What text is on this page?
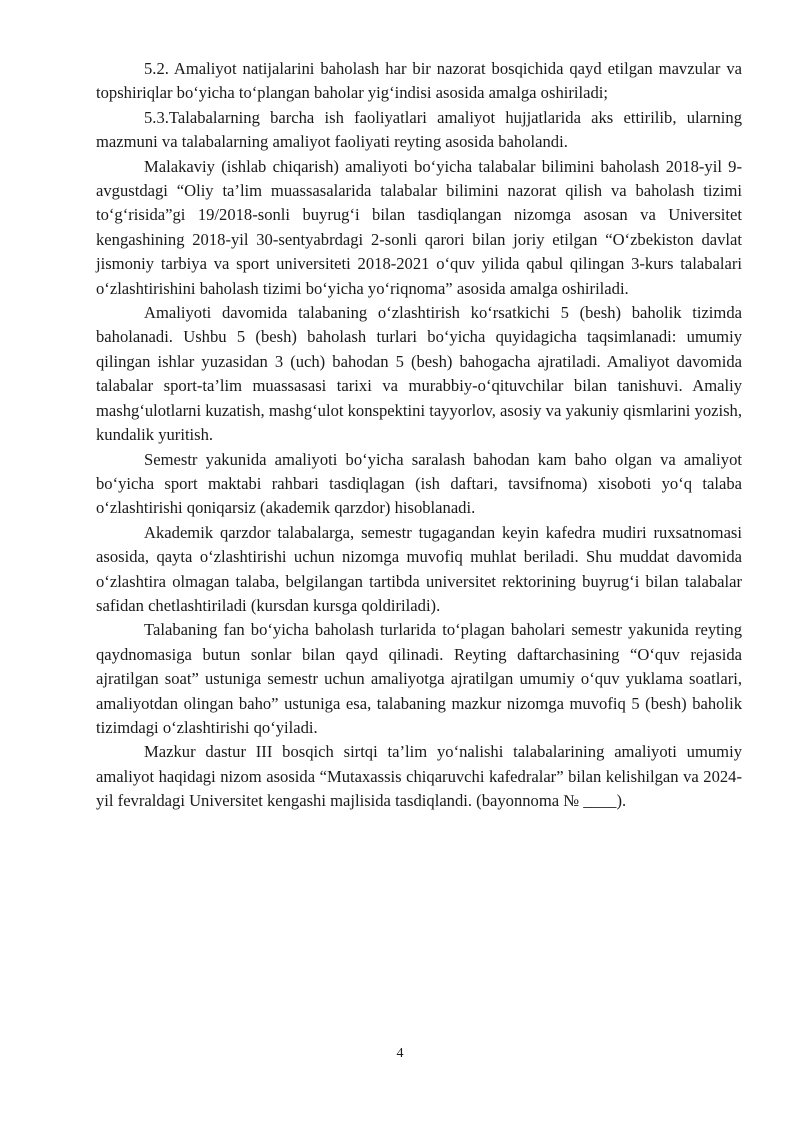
5.2. Amaliyot natijalarini baholash har bir nazorat bosqichida qayd etilgan mavzular va topshiriqlar bo‘yicha to‘plangan baholar yig‘indisi asosida amalga oshiriladi;

5.3.Talabalarning barcha ish faoliyatlari amaliyot hujjatlarida aks ettirilib, ularning mazmuni va talabalarning amaliyot faoliyati reyting asosida baholandi.

Malakaviy (ishlab chiqarish) amaliyoti bo‘yicha talabalar bilimini baholash 2018-yil 9-avgustdagi “Oliy ta’lim muassasalarida talabalar bilimini nazorat qilish va baholash tizimi to‘g‘risida”gi 19/2018-sonli buyrug‘i bilan tasdiqlangan nizomga asosan va Universitet kengashining 2018-yil 30-sentyabrdagi 2-sonli qarori bilan joriy etilgan “O‘zbekiston davlat jismoniy tarbiya va sport universiteti 2018-2021 o‘quv yilida qabul qilingan 3-kurs talabalari o‘zlashtirishini baholash tizimi bo‘yicha yo‘riqnoma” asosida amalga oshiriladi.

Amaliyoti davomida talabaning o‘zlashtirish ko‘rsatkichi 5 (besh) baholik tizimda baholanadi. Ushbu 5 (besh) baholash turlari bo‘yicha quyidagicha taqsimlanadi: umumiy qilingan ishlar yuzasidan 3 (uch) bahodan 5 (besh) bahogacha ajratiladi. Amaliyot davomida talabalar sport-ta’lim muassasasi tarixi va murabbiy-o‘qituvchilar bilan tanishuvi. Amaliy mashg‘ulotlarni kuzatish, mashg‘ulot konspektini tayyorlov, asosiy va yakuniy qismlarini yozish, kundalik yuritish.

Semestr yakunida amaliyoti bo‘yicha saralash bahodan kam baho olgan va amaliyot bo‘yicha sport maktabi rahbari tasdiqlagan (ish daftari, tavsifnoma) xisoboti yo‘q talaba o‘zlashtirishi qoniqarsiz (akademik qarzdor) hisoblanadi.

Akademik qarzdor talabalarga, semestr tugagandan keyin kafedra mudiri ruxsatnomasi asosida, qayta o‘zlashtirishi uchun nizomga muvofiq muhlat beriladi. Shu muddat davomida o‘zlashtira olmagan talaba, belgilangan tartibda universitet rektorining buyrug‘i bilan talabalar safidan chetlashtiriladi (kursdan kursga qoldiriladi).

Talabaning fan bo‘yicha baholash turlarida to‘plagan baholari semestr yakunida reyting qaydnomasiga butun sonlar bilan qayd qilinadi. Reyting daftarchasining “O‘quv rejasida ajratilgan soat” ustuniga semestr uchun amaliyotga ajratilgan umumiy o‘quv yuklama soatlari, amaliyotdan olingan baho” ustuniga esa, talabaning mazkur nizomga muvofiq 5 (besh) baholik tizimdagi o‘zlashtirishi qo‘yiladi.

Mazkur dastur III bosqich sirtqi ta’lim yo‘nalishi talabalarining amaliyoti umumiy amaliyot haqidagi nizom asosida “Mutaxassis chiqaruvchi kafedralar” bilan kelishilgan va 2024-yil fevraldagi Universitet kengashi majlisida tasdiqlandi. (bayonnoma № ____).

4
